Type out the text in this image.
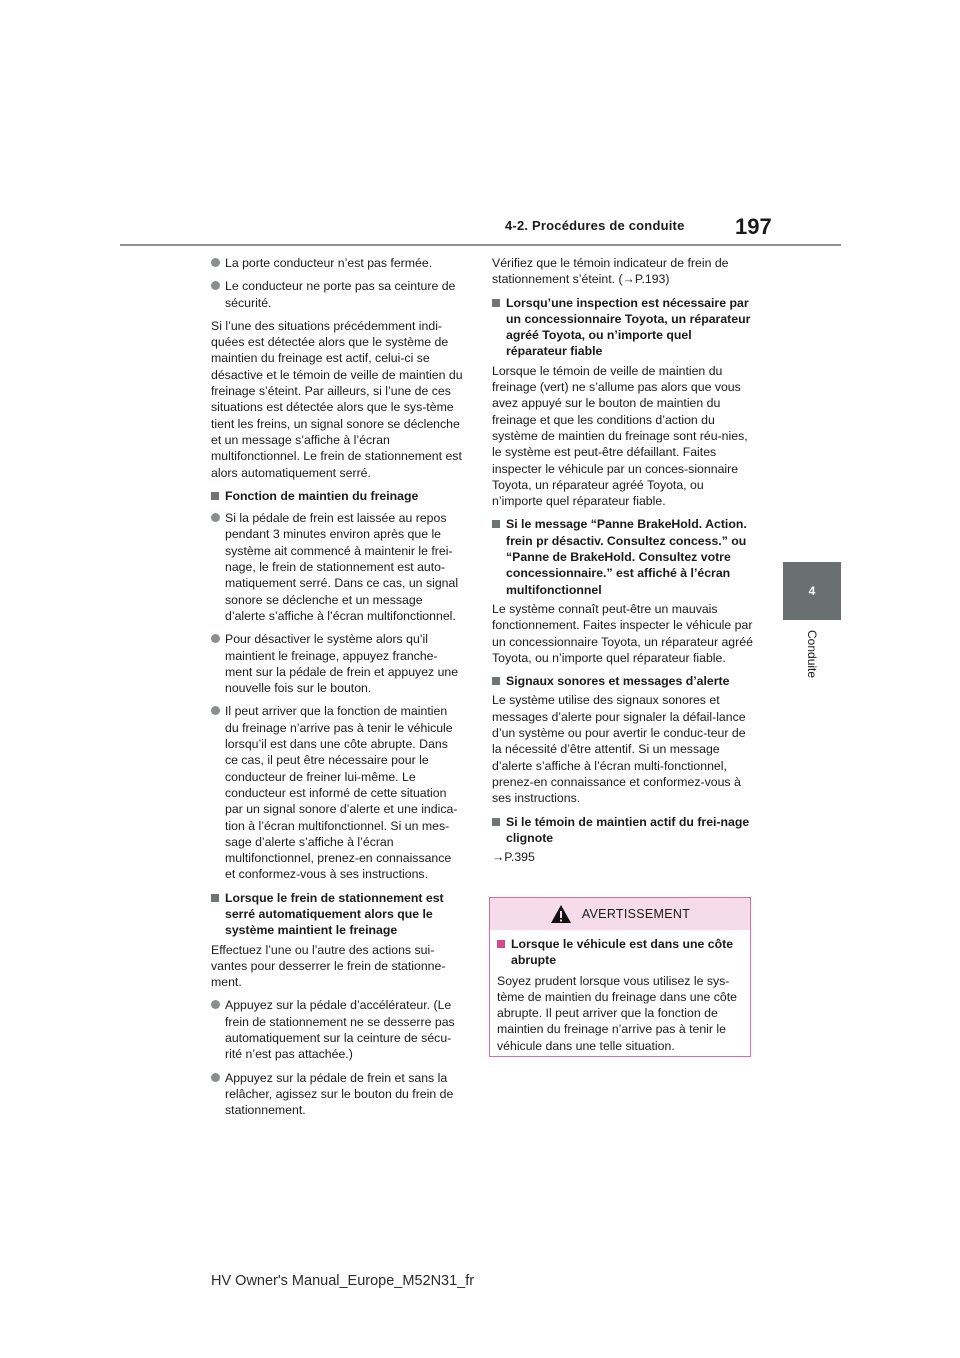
4-2. Procédures de conduite 197
4
Conduite
La porte conducteur n’est pas fermée.
Le conducteur ne porte pas sa ceinture de sécurité.

Si l’une des situations précédemment indi-quées est détectée alors que le système de maintien du freinage est actif, celui-ci se désactive et le témoin de veille de maintien du freinage s’éteint. Par ailleurs, si l’une de ces situations est détectée alors que le sys-tème tient les freins, un signal sonore se déclenche et un message s’affiche à l’écran multifonctionnel. Le frein de stationnement est alors automatiquement serré.

Fonction de maintien du freinage
Si la pédale de frein est laissée au repos pendant 3 minutes environ après que le système ait commencé à maintenir le frei-nage, le frein de stationnement est auto-matiquement serré. Dans ce cas, un signal sonore se déclenche et un message d’alerte s’affiche à l’écran multifonctionnel.
Pour désactiver le système alors qu’il maintient le freinage, appuyez franche-ment sur la pédale de frein et appuyez une nouvelle fois sur le bouton.
Il peut arriver que la fonction de maintien du freinage n’arrive pas à tenir le véhicule lorsqu’il est dans une côte abrupte. Dans ce cas, il peut être nécessaire pour le conducteur de freiner lui-même. Le conducteur est informé de cette situation par un signal sonore d’alerte et une indica-tion à l’écran multifonctionnel. Si un mes-sage d’alerte s’affiche à l’écran multifonctionnel, prenez-en connaissance et conformez-vous à ses instructions.
Lorsque le frein de stationnement est serré automatiquement alors que le système maintient le freinage

Effectuez l’une ou l’autre des actions sui-vantes pour desserrer le frein de stationne-ment.

Appuyez sur la pédale d’accélérateur. (Le frein de stationnement ne se desserre pas automatiquement sur la ceinture de sécu-rité n’est pas attachée.)
Appuyez sur la pédale de frein et sans la relâcher, agissez sur le bouton du frein de stationnement.

Vérifiez que le témoin indicateur de frein de stationnement s’éteint. (→P.193)

Lorsqu’une inspection est nécessaire par un concessionnaire Toyota, un réparateur agréé Toyota, ou n’importe quel réparateur fiable

Lorsque le témoin de veille de maintien du freinage (vert) ne s’allume pas alors que vous avez appuyé sur le bouton de maintien du freinage et que les conditions d’action du système de maintien du freinage sont réu-nies, le système est peut-être défaillant. Faites inspecter le véhicule par un conces-sionnaire Toyota, un réparateur agréé Toyota, ou n’importe quel réparateur fiable.

Si le message “Panne BrakeHold. Action. frein pr désactiv. Consultez concess.” ou “Panne de BrakeHold. Consultez votre concessionnaire.” est affiché à l’écran multifonctionnel

Le système connaît peut-être un mauvais fonctionnement. Faites inspecter le véhicule par un concessionnaire Toyota, un réparateur agréé Toyota, ou n’importe quel réparateur fiable.

Signaux sonores et messages d’alerte

Le système utilise des signaux sonores et messages d’alerte pour signaler la défail-lance d’un système ou pour avertir le conduc-teur de la nécessité d’être attentif. Si un message d’alerte s’affiche à l’écran multi-fonctionnel, prenez-en connaissance et conformez-vous à ses instructions.

Si le témoin de maintien actif du frei-nage clignote

→P.395

AVERTISSEMENT
Lorsque le véhicule est dans une côte abrupte

Soyez prudent lorsque vous utilisez le sys-tème de maintien du freinage dans une côte abrupte. Il peut arriver que la fonction de maintien du freinage n’arrive pas à tenir le véhicule dans une telle situation.

HV Owner's Manual_Europe_M52N31_fr
